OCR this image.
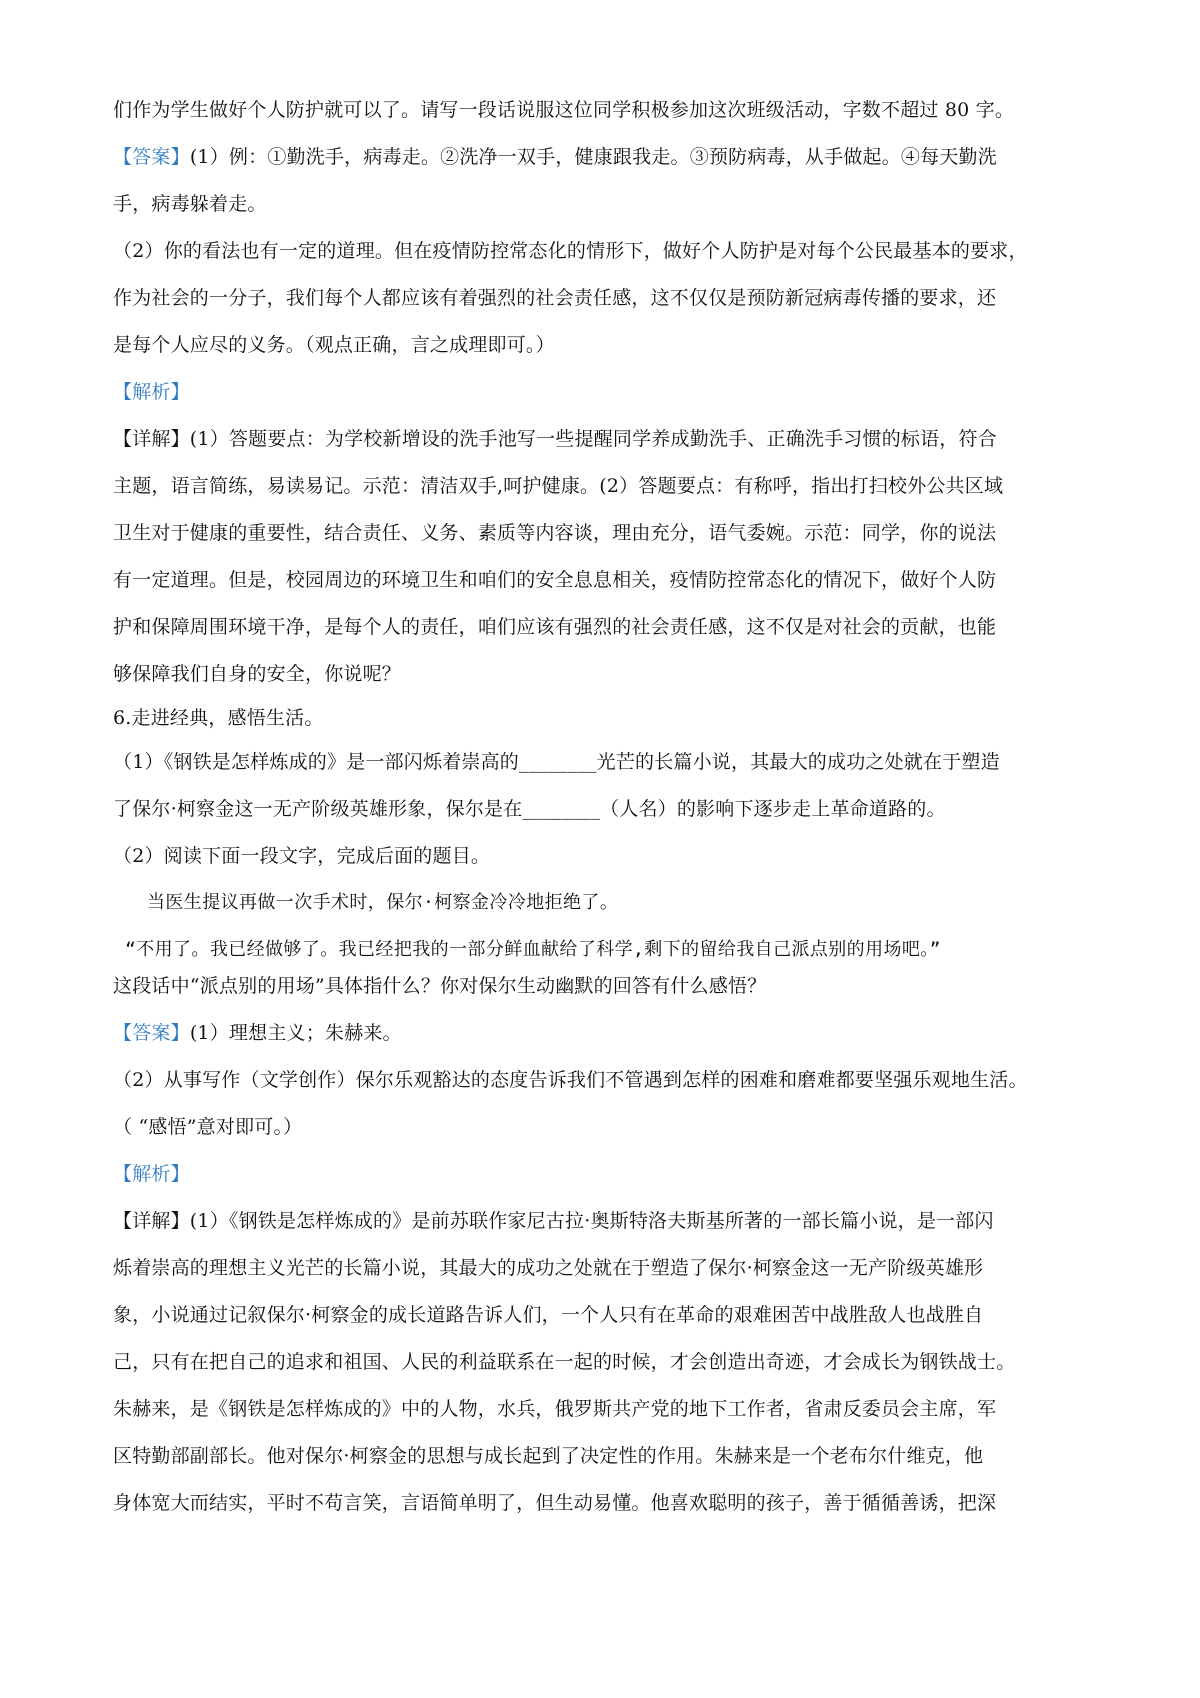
们作为学生做好个人防护就可以了。请写一段话说服这位同学积极参加这次班级活动，字数不超过 80 字。
【答案】(1）例：①勤洗手，病毒走。②洗净一双手，健康跟我走。③预防病毒，从手做起。④每天勤洗
手，病毒躲着走。
（2）你的看法也有一定的道理。但在疫情防控常态化的情形下，做好个人防护是对每个公民最基本的要求，
作为社会的一分子，我们每个人都应该有着强烈的社会责任感，这不仅仅是预防新冠病毒传播的要求，还
是每个人应尽的义务。（观点正确，言之成理即可。）
【解析】
【详解】(1）答题要点：为学校新增设的洗手池写一些提醒同学养成勤洗手、正确洗手习惯的标语，符合
主题，语言简练，易读易记。示范：清洁双手,呵护健康。(2）答题要点：有称呼，指出打扫校外公共区域
卫生对于健康的重要性，结合责任、义务、素质等内容谈，理由充分，语气委婉。示范：同学，你的说法
有一定道理。但是，校园周边的环境卫生和咱们的安全息息相关，疫情防控常态化的情况下，做好个人防
护和保障周围环境干净，是每个人的责任，咱们应该有强烈的社会责任感，这不仅是对社会的贡献，也能
够保障我们自身的安全，你说呢？
6.走进经典，感悟生活。
（1）《钢铁是怎样炼成的》是一部闪烁着崇高的________光芒的长篇小说，其最大的成功之处就在于塑造
了保尔·柯察金这一无产阶级英雄形象，保尔是在________（人名）的影响下逐步走上革命道路的。
（2）阅读下面一段文字，完成后面的题目。
当医生提议再做一次手术时，保尔·柯察金冷冷地拒绝了。
“不用了。我已经做够了。我已经把我的一部分鲜血献给了科学,剩下的留给我自己派点别的用场吧。”
这段话中“派点别的用场”具体指什么？你对保尔生动幽默的回答有什么感悟？
【答案】(1）理想主义；朱赫来。
（2）从事写作（文学创作）保尔乐观豁达的态度告诉我们不管遇到怎样的困难和磨难都要坚强乐观地生活。
（ “感悟”意对即可。）
【解析】
【详解】(1）《钢铁是怎样炼成的》是前苏联作家尼古拉·奥斯特洛夫斯基所著的一部长篇小说，是一部闪
烁着崇高的理想主义光芒的长篇小说，其最大的成功之处就在于塑造了保尔·柯察金这一无产阶级英雄形
象，小说通过记叙保尔·柯察金的成长道路告诉人们，一个人只有在革命的艰难困苦中战胜敌人也战胜自
己，只有在把自己的追求和祖国、人民的利益联系在一起的时候，才会创造出奇迹，才会成长为钢铁战士。
朱赫来，是《钢铁是怎样炼成的》中的人物，水兵，俄罗斯共产党的地下工作者，省肃反委员会主席，军
区特勤部副部长。他对保尔·柯察金的思想与成长起到了决定性的作用。朱赫来是一个老布尔什维克，他
身体宽大而结实，平时不苟言笑，言语简单明了，但生动易懂。他喜欢聪明的孩子，善于循循善诱，把深
